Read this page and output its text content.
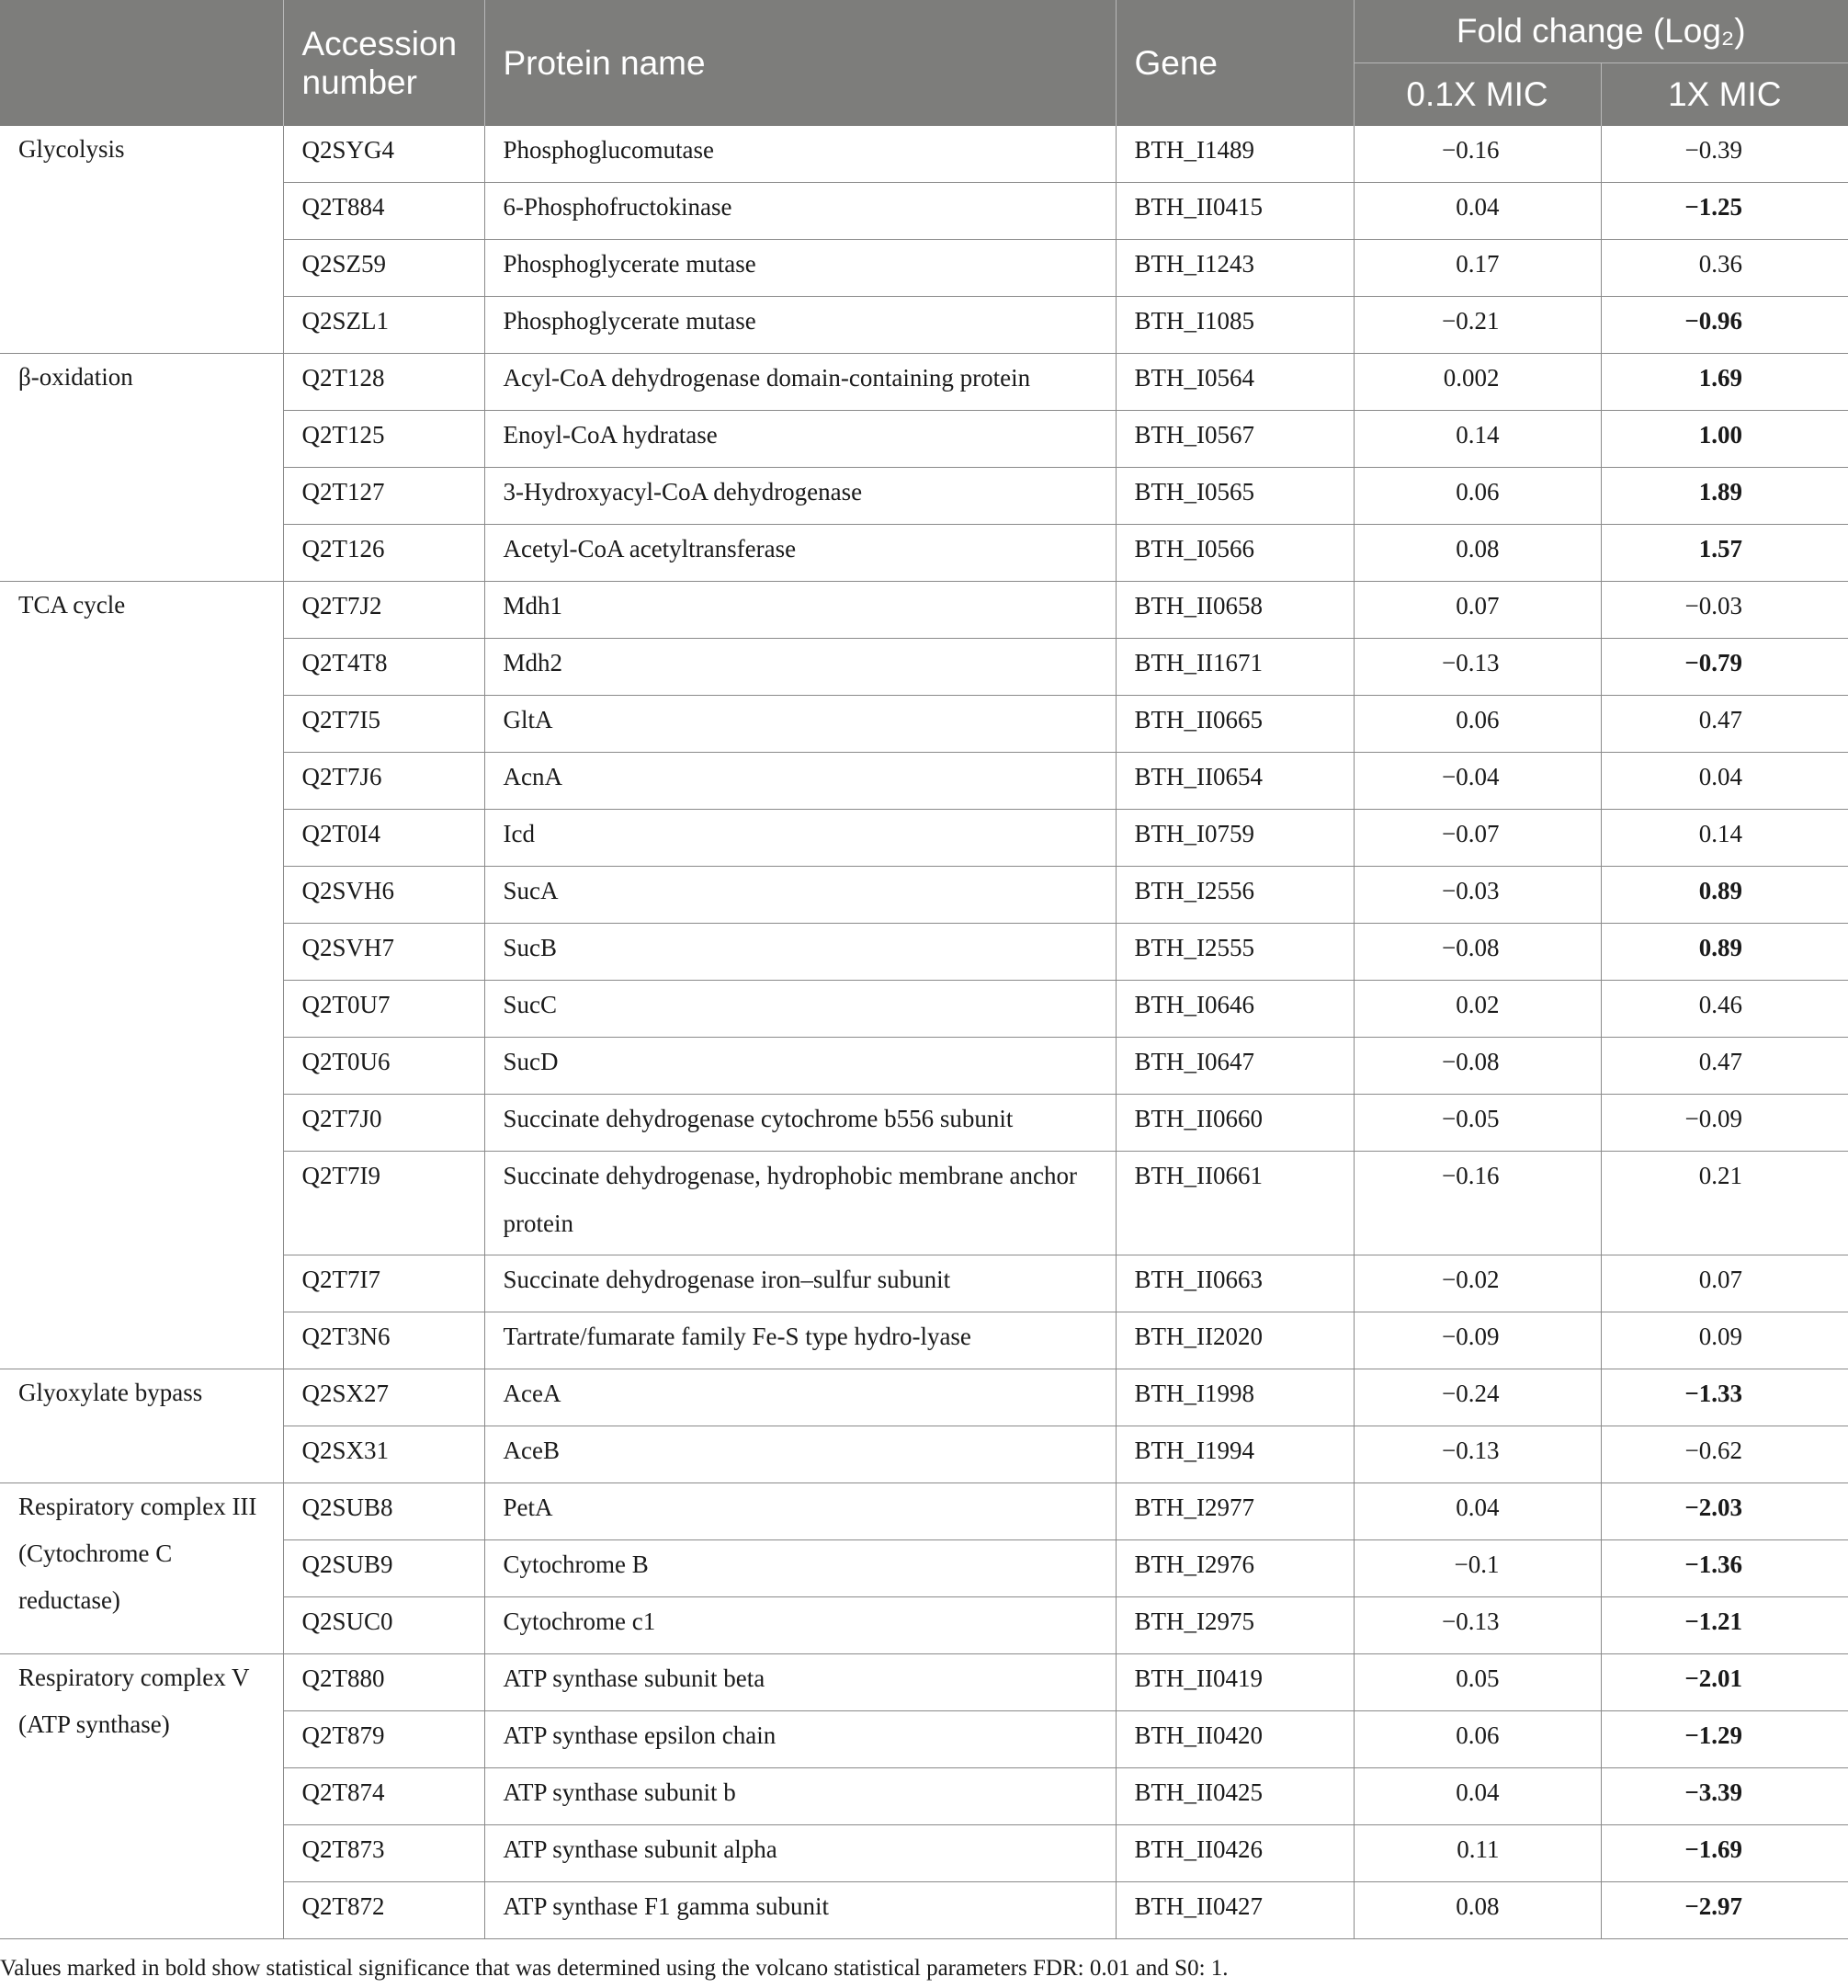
	Accession number	Protein name	Gene	Fold change (Log₂)	
				0.1X MIC	1X MIC
Glycolysis	Q2SYG4	Phosphoglucomutase	BTH_I1489	−0.16	−0.39
	Q2T884	6-Phosphofructokinase	BTH_II0415	0.04	−1.25
	Q2SZ59	Phosphoglycerate mutase	BTH_I1243	0.17	0.36
	Q2SZL1	Phosphoglycerate mutase	BTH_I1085	−0.21	−0.96
β-oxidation	Q2T128	Acyl-CoA dehydrogenase domain-containing protein	BTH_I0564	0.002	1.69
	Q2T125	Enoyl-CoA hydratase	BTH_I0567	0.14	1.00
	Q2T127	3-Hydroxyacyl-CoA dehydrogenase	BTH_I0565	0.06	1.89
	Q2T126	Acetyl-CoA acetyltransferase	BTH_I0566	0.08	1.57
TCA cycle	Q2T7J2	Mdh1	BTH_II0658	0.07	−0.03
	Q2T4T8	Mdh2	BTH_II1671	−0.13	−0.79
	Q2T7I5	GltA	BTH_II0665	0.06	0.47
	Q2T7J6	AcnA	BTH_II0654	−0.04	0.04
	Q2T0I4	Icd	BTH_I0759	−0.07	0.14
	Q2SVH6	SucA	BTH_I2556	−0.03	0.89
	Q2SVH7	SucB	BTH_I2555	−0.08	0.89
	Q2T0U7	SucC	BTH_I0646	0.02	0.46
	Q2T0U6	SucD	BTH_I0647	−0.08	0.47
	Q2T7J0	Succinate dehydrogenase cytochrome b556 subunit	BTH_II0660	−0.05	−0.09
	Q2T7I9	Succinate dehydrogenase, hydrophobic membrane anchor protein	BTH_II0661	−0.16	0.21
	Q2T7I7	Succinate dehydrogenase iron–sulfur subunit	BTH_II0663	−0.02	0.07
	Q2T3N6	Tartrate/fumarate family Fe-S type hydro-lyase	BTH_II2020	−0.09	0.09
Glyoxylate bypass	Q2SX27	AceA	BTH_I1998	−0.24	−1.33
	Q2SX31	AceB	BTH_I1994	−0.13	−0.62
Respiratory complex III (Cytochrome C reductase)	Q2SUB8	PetA	BTH_I2977	0.04	−2.03
	Q2SUB9	Cytochrome B	BTH_I2976	−0.1	−1.36
	Q2SUC0	Cytochrome c1	BTH_I2975	−0.13	−1.21
Respiratory complex V (ATP synthase)	Q2T880	ATP synthase subunit beta	BTH_II0419	0.05	−2.01
	Q2T879	ATP synthase epsilon chain	BTH_II0420	0.06	−1.29
	Q2T874	ATP synthase subunit b	BTH_II0425	0.04	−3.39
	Q2T873	ATP synthase subunit alpha	BTH_II0426	0.11	−1.69
	Q2T872	ATP synthase F1 gamma subunit	BTH_II0427	0.08	−2.97
Values marked in bold show statistical significance that was determined using the volcano statistical parameters FDR: 0.01 and S0: 1.
